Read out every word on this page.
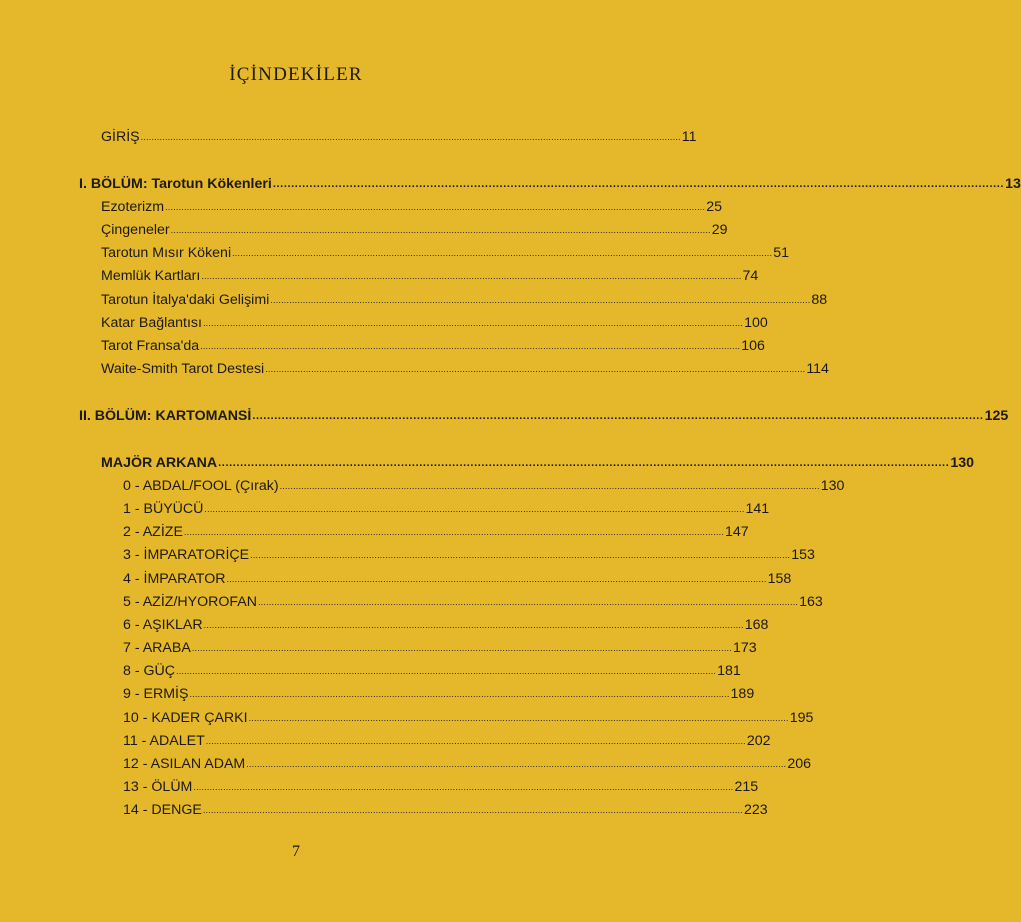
İÇİNDEKİLER
GİRİŞ ........................................................................................................................................................................................................ 11
I. BÖLÜM: Tarotun Kökenleri ........................................................................................................................................................................................................ 13
Ezoterizm ........................................................................................................................................................................................................ 25
Çingeneler ........................................................................................................................................................................................................ 29
Tarotun Mısır Kökeni ........................................................................................................................................................................................................ 51
Memlük Kartları ........................................................................................................................................................................................................ 74
Tarotun İtalya'daki Gelişimi ........................................................................................................................................................................................................ 88
Katar Bağlantısı ........................................................................................................................................................................................................ 100
Tarot Fransa'da ........................................................................................................................................................................................................ 106
Waite-Smith Tarot Destesi ........................................................................................................................................................................................................ 114
II. BÖLÜM: KARTOMANSİ ........................................................................................................................................................................................................ 125
MAJÖR ARKANA ........................................................................................................................................................................................................ 130
0 - ABDAL/FOOL (Çırak) ........................................................................................................................................................................................................ 130
1 - BÜYÜCÜ ........................................................................................................................................................................................................ 141
2 - AZİZE ........................................................................................................................................................................................................ 147
3 - İMPARATORİÇE ........................................................................................................................................................................................................ 153
4 - İMPARATOR ........................................................................................................................................................................................................ 158
5 - AZİZ/HYOROFAN ........................................................................................................................................................................................................ 163
6 - AŞIKLAR ........................................................................................................................................................................................................ 168
7 - ARABA ........................................................................................................................................................................................................ 173
8 - GÜÇ ........................................................................................................................................................................................................ 181
9 - ERMİŞ ........................................................................................................................................................................................................ 189
10 - KADER ÇARKI ........................................................................................................................................................................................................ 195
11 - ADALET ........................................................................................................................................................................................................ 202
12 - ASILAN ADAM ........................................................................................................................................................................................................ 206
13 - ÖLÜM ........................................................................................................................................................................................................ 215
14 - DENGE ........................................................................................................................................................................................................ 223
7
